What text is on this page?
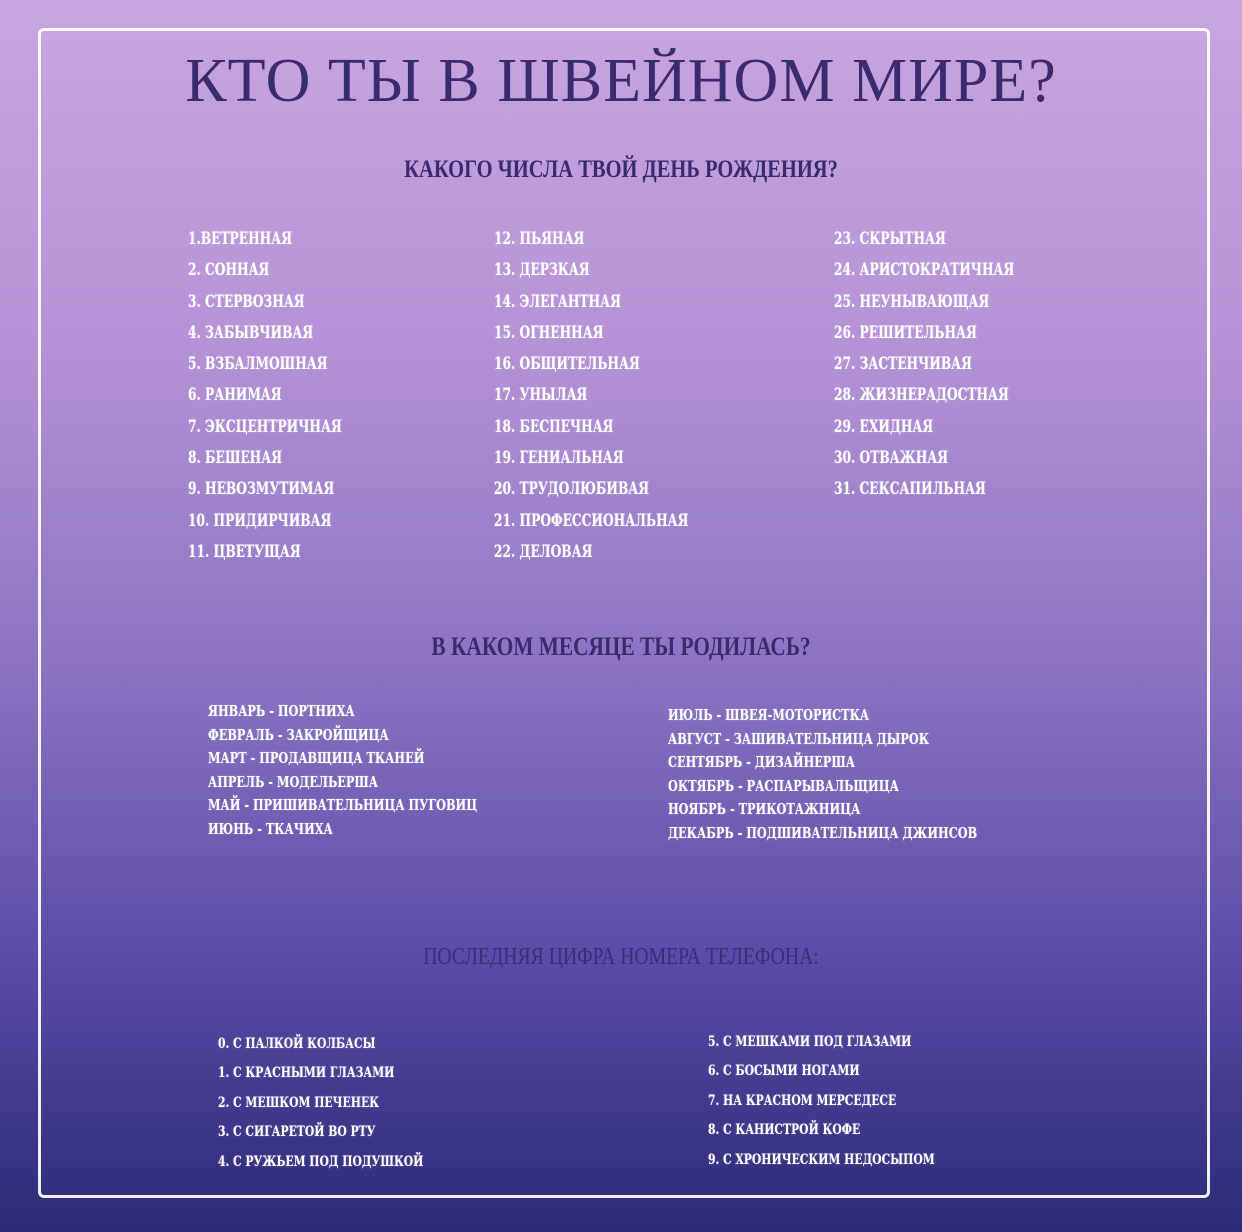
КТО ТЫ В ШВЕЙНОМ МИРЕ?
КАКОГО ЧИСЛА ТВОЙ ДЕНЬ РОЖДЕНИЯ?
1.ВЕТРЕННАЯ
2. СОННАЯ
3. СТЕРВОЗНАЯ
4. ЗАБЫВЧИВАЯ
5. ВЗБАЛМОШНАЯ
6. РАНИМАЯ
7. ЭКСЦЕНТРИЧНАЯ
8. БЕШЕНАЯ
9. НЕВОЗМУТИМАЯ
10. ПРИДИРЧИВАЯ
11. ЦВЕТУЩАЯ
12. ПЬЯНАЯ
13. ДЕРЗКАЯ
14. ЭЛЕГАНТНАЯ
15. ОГНЕННАЯ
16. ОБЩИТЕЛЬНАЯ
17. УНЫЛАЯ
18. БЕСПЕЧНАЯ
19. ГЕНИАЛЬНАЯ
20. ТРУДОЛЮБИВАЯ
21. ПРОФЕССИОНАЛЬНАЯ
22. ДЕЛОВАЯ
23. СКРЫТНАЯ
24. АРИСТОКРАТИЧНАЯ
25. НЕУНЫВАЮЩАЯ
26. РЕШИТЕЛЬНАЯ
27. ЗАСТЕНЧИВАЯ
28. ЖИЗНЕРАДОСТНАЯ
29. ЕХИДНАЯ
30. ОТВАЖНАЯ
31. СЕКСАПИЛЬНАЯ
В КАКОМ МЕСЯЦЕ ТЫ РОДИЛАСЬ?
ЯНВАРЬ - ПОРТНИХА
ФЕВРАЛЬ - ЗАКРОЙЩИЦА
МАРТ - ПРОДАВЩИЦА ТКАНЕЙ
АПРЕЛЬ - МОДЕЛЬЕРША
МАЙ - ПРИШИВАТЕЛЬНИЦА ПУГОВИЦ
ИЮНЬ - ТКАЧИХА
ИЮЛЬ - ШВЕЯ-МОТОРИСТКА
АВГУСТ - ЗАШИВАТЕЛЬНИЦА ДЫРОК
СЕНТЯБРЬ - ДИЗАЙНЕРША
ОКТЯБРЬ - РАСПАРЫВАЛЬЩИЦА
НОЯБРЬ - ТРИКОТАЖНИЦА
ДЕКАБРЬ - ПОДШИВАТЕЛЬНИЦА ДЖИНСОВ
ПОСЛЕДНЯЯ ЦИФРА НОМЕРА ТЕЛЕФОНА:
0. С ПАЛКОЙ КОЛБАСЫ
1. С КРАСНЫМИ ГЛАЗАМИ
2. С МЕШКОМ ПЕЧЕНЕК
3. С СИГАРЕТОЙ ВО РТУ
4. С РУЖЬЕМ ПОД ПОДУШКОЙ
5. С МЕШКАМИ ПОД ГЛАЗАМИ
6. С БОСЫМИ НОГАМИ
7. НА КРАСНОМ МЕРСЕДЕСЕ
8. С КАНИСТРОЙ КОФЕ
9. С ХРОНИЧЕСКИМ НЕДОСЫПОМ
